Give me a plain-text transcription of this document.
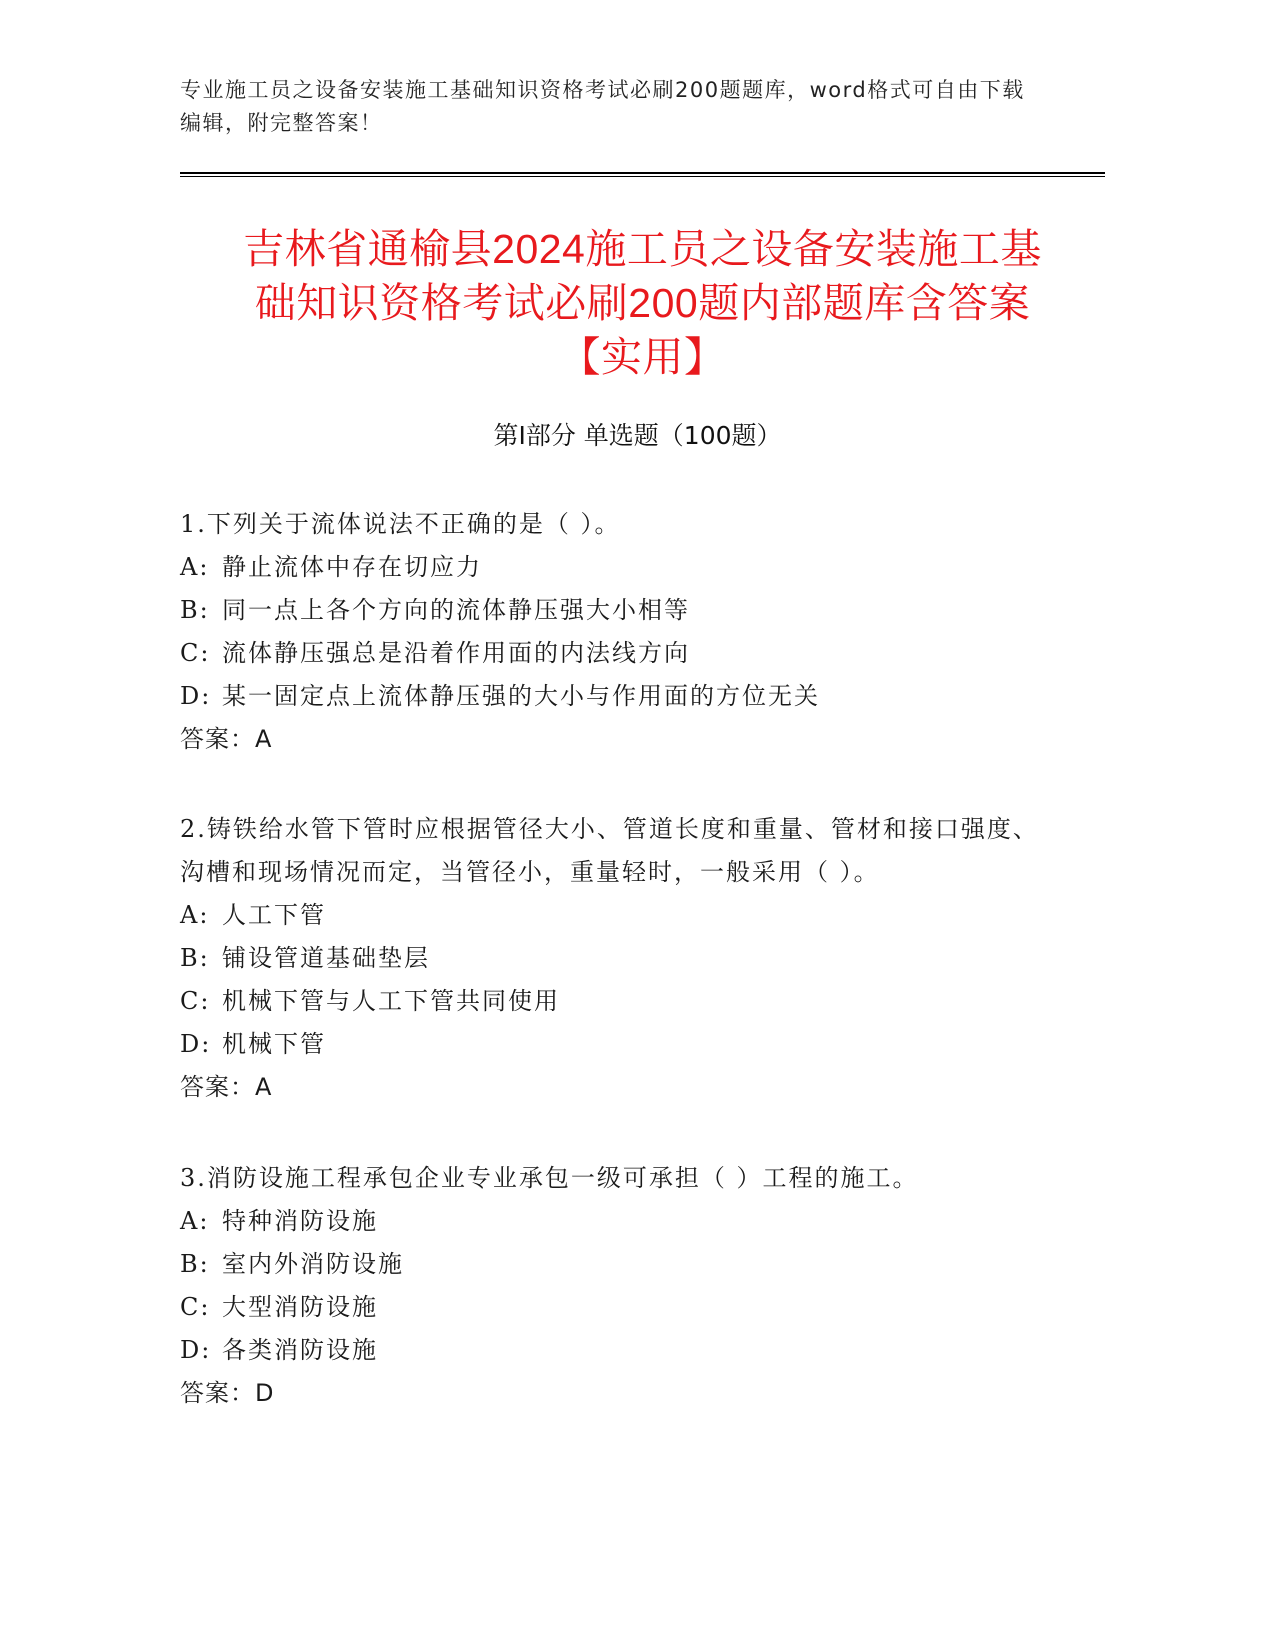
专业施工员之设备安装施工基础知识资格考试必刷200题题库，word格式可自由下载编辑，附完整答案！
吉林省通榆县2024施工员之设备安装施工基
础知识资格考试必刷200题内部题库含答案
【实用】
第Ⅰ部分 单选题（100题）
1.下列关于流体说法不正确的是（ ）。
A: 静止流体中存在切应力
B: 同一点上各个方向的流体静压强大小相等
C: 流体静压强总是沿着作用面的内法线方向
D: 某一固定点上流体静压强的大小与作用面的方位无关
答案：A
2.铸铁给水管下管时应根据管径大小、管道长度和重量、管材和接口强度、沟槽和现场情况而定，当管径小，重量轻时，一般采用（ ）。
A: 人工下管
B: 铺设管道基础垫层
C: 机械下管与人工下管共同使用
D: 机械下管
答案：A
3.消防设施工程承包企业专业承包一级可承担（ ）工程的施工。
A: 特种消防设施
B: 室内外消防设施
C: 大型消防设施
D: 各类消防设施
答案：D
